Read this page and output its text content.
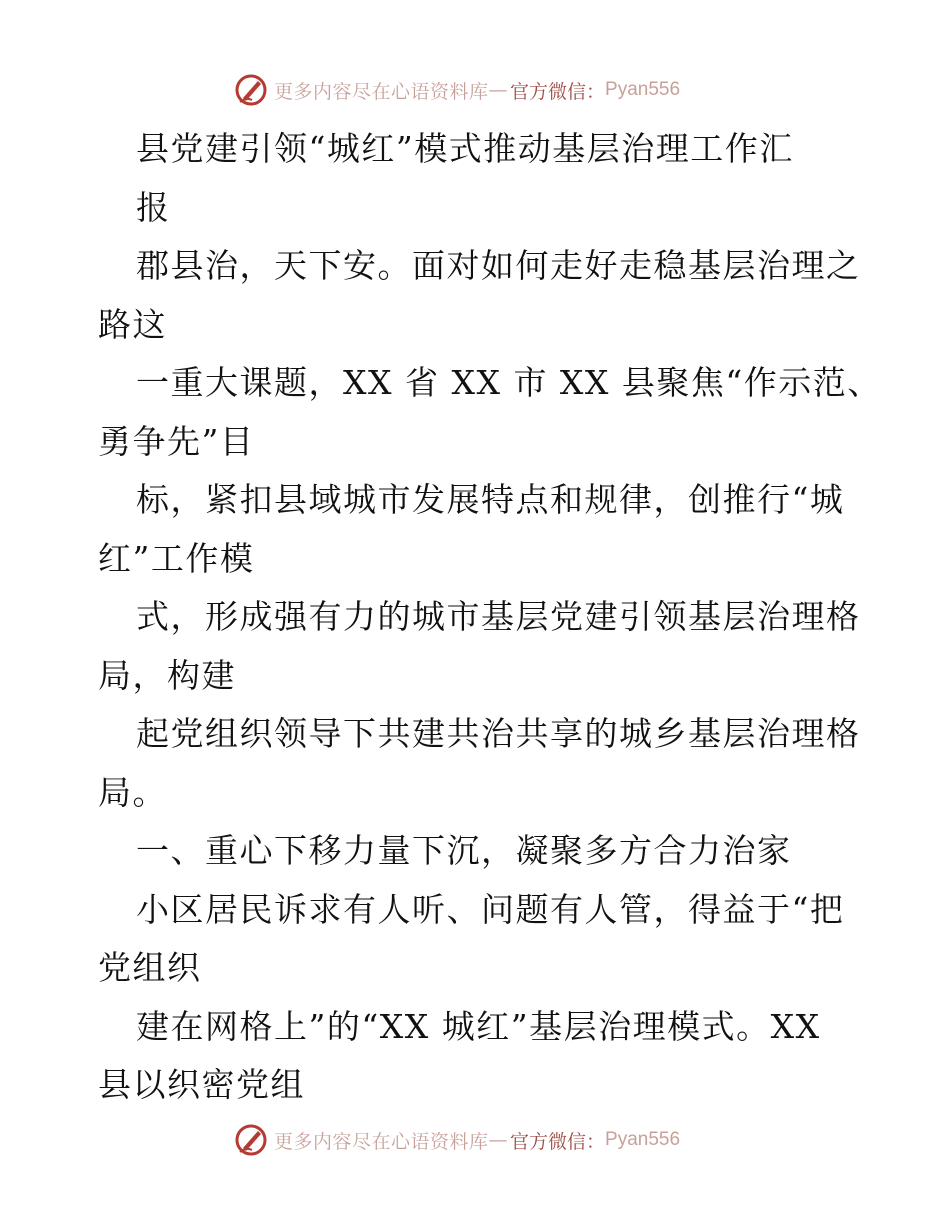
更多内容尽在心语资料库 — 官方微信： Pyan556
县党建引领“城红”模式推动基层治理工作汇
报
郡县治，天下安。面对如何走好走稳基层治理之
路这
一重大课题，XX 省 XX 市 XX 县聚焦“作示范、
勇争先”目
标，紧扣县域城市发展特点和规律，创推行“城
红”工作模
式，形成强有力的城市基层党建引领基层治理格
局，构建
起党组织领导下共建共治共享的城乡基层治理格
局。
一、重心下移力量下沉，凝聚多方合力治家
小区居民诉求有人听、问题有人管，得益于“把
党组织
建在网格上”的“XX 城红”基层治理模式。XX
县以织密党组
更多内容尽在心语资料库 — 官方微信： Pyan556
